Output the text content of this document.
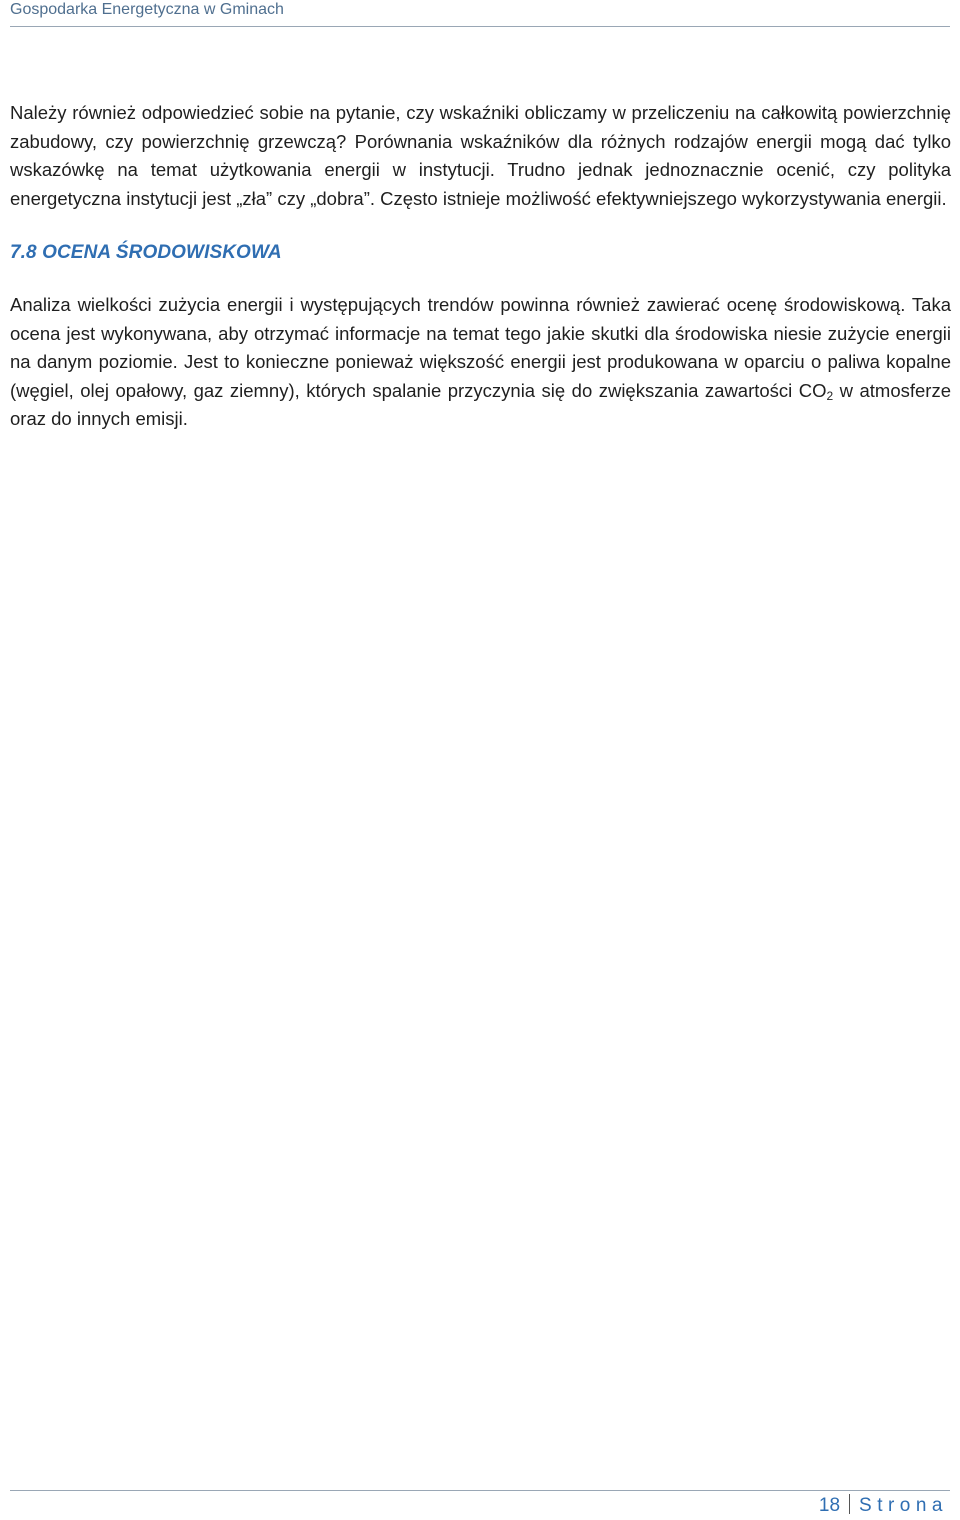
Gospodarka Energetyczna w Gminach

Należy również odpowiedzieć sobie na pytanie, czy wskaźniki obliczamy w przeliczeniu na całkowitą powierzchnię zabudowy, czy powierzchnię grzewczą? Porównania wskaźników dla różnych rodzajów energii mogą dać tylko wskazówkę na temat użytkowania energii w instytucji. Trudno jednak jednoznacznie ocenić, czy polityka energetyczna instytucji jest „zła” czy „dobra”. Często istnieje możliwość efektywniejszego wykorzystywania energii.

7.8 OCENA ŚRODOWISKOWA

Analiza wielkości zużycia energii i występujących trendów powinna również zawierać ocenę środowiskową. Taka ocena jest wykonywana, aby otrzymać informacje na temat tego jakie skutki dla środowiska niesie zużycie energii na danym poziomie. Jest to konieczne ponieważ większość energii jest produkowana w oparciu o paliwa kopalne (węgiel, olej opałowy, gaz ziemny), których spalanie przyczynia się do zwiększania zawartości $CO_2$ w atmosferze oraz do innych emisji.

18 Strona
